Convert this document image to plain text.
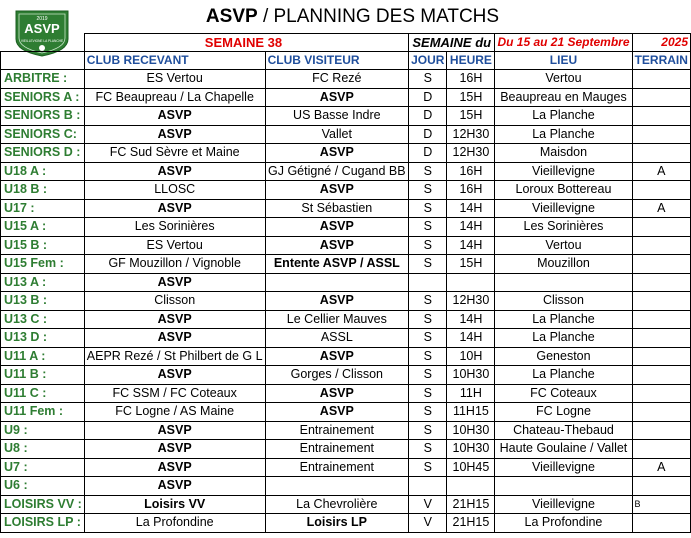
2019
ASVP
VIEILLEVIGNE LA PLANCHE
ASVP / PLANNING DES MATCHS
	SEMAINE 38		SEMAINE du		Du 15 au 21 Septembre	2025
	CLUB RECEVANT	CLUB VISITEUR	JOUR	HEURE	LIEU	TERRAIN
ARBITRE :	ES Vertou	FC Rezé	S	16H	Vertou	
SENIORS A :	FC Beaupreau / La Chapelle	ASVP	D	15H	Beaupreau en Mauges	
SENIORS B :	ASVP	US Basse Indre	D	15H	La Planche	
SENIORS C:	ASVP	Vallet	D	12H30	La Planche	
SENIORS D :	FC Sud Sèvre et Maine	ASVP	D	12H30	Maisdon	
U18 A :	ASVP	GJ Gétigné / Cugand BB	S	16H	Vieillevigne	A
U18 B :	LLOSC	ASVP	S	16H	Loroux Bottereau	
U17 :	ASVP	St Sébastien	S	14H	Vieillevigne	A
U15 A :	Les Sorinières	ASVP	S	14H	Les Sorinières	
U15 B :	ES Vertou	ASVP	S	14H	Vertou	
U15 Fem :	GF Mouzillon / Vignoble	Entente ASVP / ASSL	S	15H	Mouzillon	
U13 A :	ASVP					
U13 B :	Clisson	ASVP	S	12H30	Clisson	
U13 C :	ASVP	Le Cellier Mauves	S	14H	La Planche	
U13 D :	ASVP	ASSL	S	14H	La Planche	
U11 A :	AEPR Rezé / St Philbert de G L	ASVP	S	10H	Geneston	
U11 B :	ASVP	Gorges / Clisson	S	10H30	La Planche	
U11 C :	FC SSM / FC Coteaux	ASVP	S	11H	FC Coteaux	
U11 Fem :	FC Logne / AS Maine	ASVP	S	11H15	FC Logne	
U9 :	ASVP	Entrainement	S	10H30	Chateau-Thebaud	
U8 :	ASVP	Entrainement	S	10H30	Haute Goulaine / Vallet	
U7 :	ASVP	Entrainement	S	10H45	Vieillevigne	A
U6 :	ASVP					
LOISIRS VV :	Loisirs VV	La Chevrolière	V	21H15	Vieillevigne	B
LOISIRS LP :	La Profondine	Loisirs LP	V	21H15	La Profondine	
